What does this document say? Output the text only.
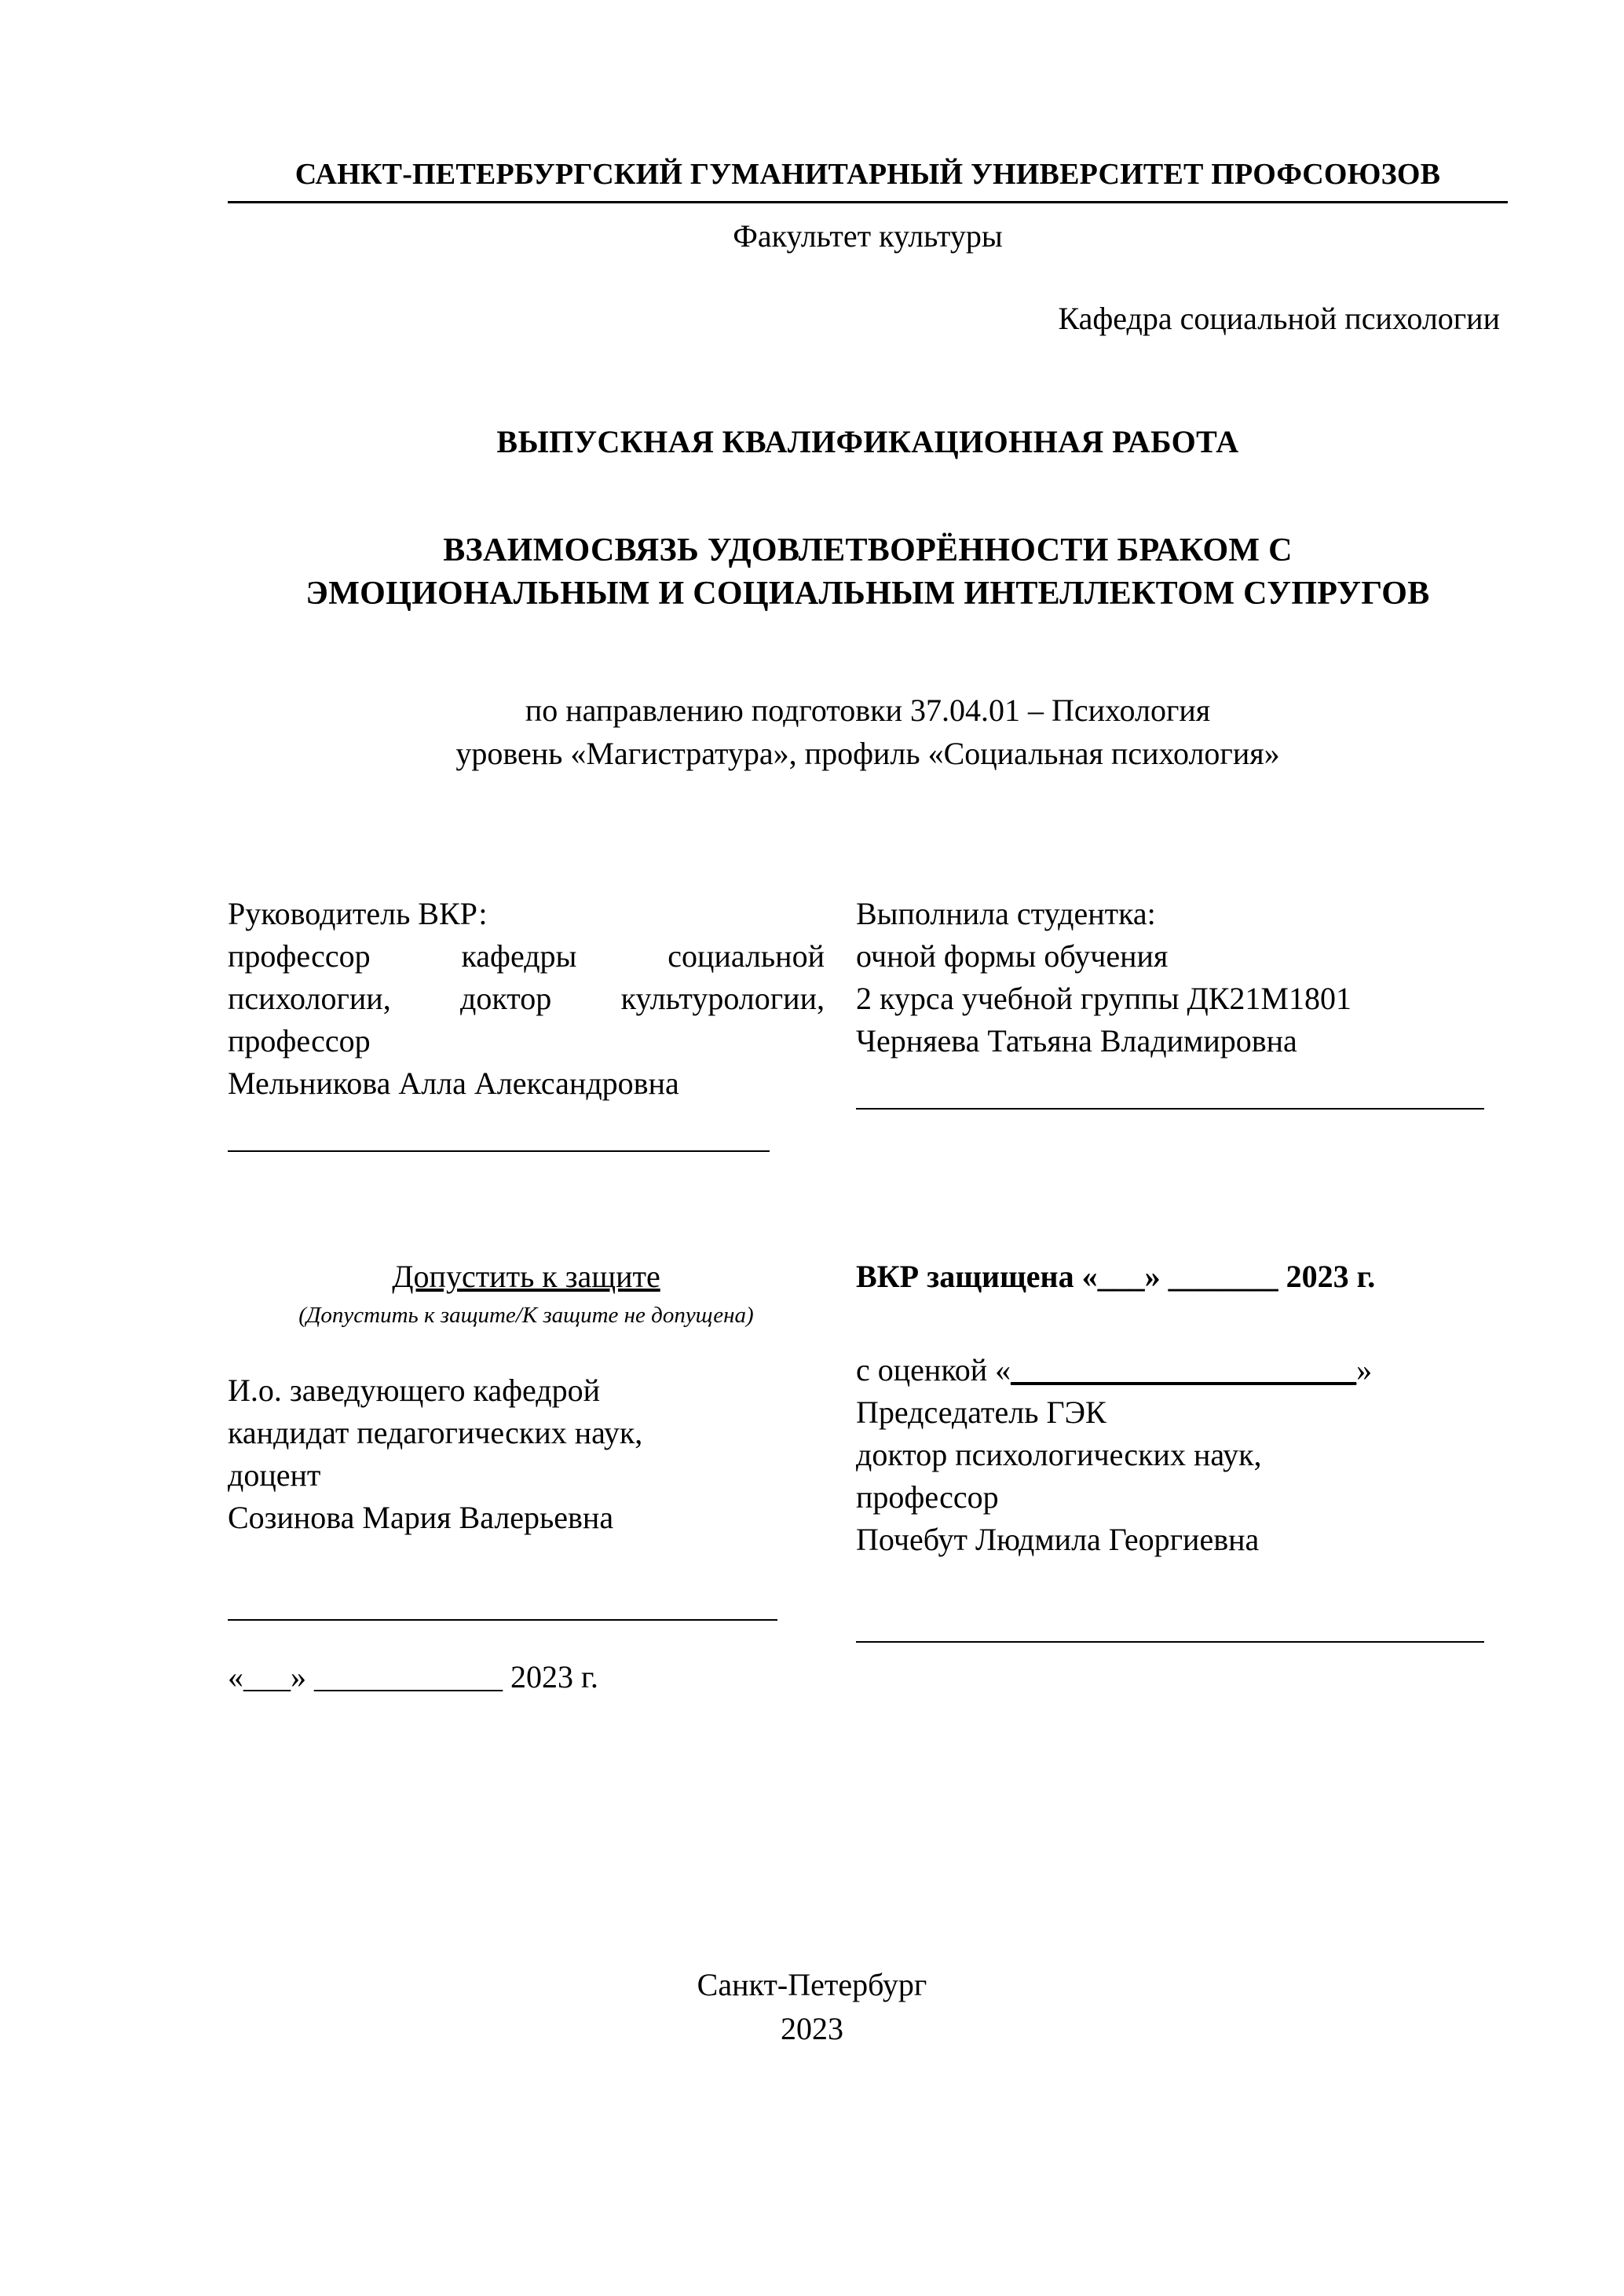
САНКТ-ПЕТЕРБУРГСКИЙ ГУМАНИТАРНЫЙ УНИВЕРСИТЕТ ПРОФСОЮЗОВ
Факультет культуры
Кафедра социальной психологии
ВЫПУСКНАЯ КВАЛИФИКАЦИОННАЯ РАБОТА
ВЗАИМОСВЯЗЬ УДОВЛЕТВОРЁННОСТИ БРАКОМ С ЭМОЦИОНАЛЬНЫМ И СОЦИАЛЬНЫМ ИНТЕЛЛЕКТОМ СУПРУГОВ
по направлению подготовки 37.04.01 – Психология
уровень «Магистратура», профиль «Социальная психология»
Руководитель ВКР:
профессор кафедры социальной
психологии, доктор культурологии,
профессор
Мельникова Алла Александровна
Выполнила студентка:
очной формы обучения
2 курса учебной группы ДК21М1801
Черняева Татьяна Владимировна
Допустить к защите
(Допустить к защите/К защите не допущена)
И.о. заведующего кафедрой
кандидат педагогических наук,
доцент
Созинова Мария Валерьевна
«___» ____________ 2023 г.
ВКР защищена «___» _______ 2023 г.
с оценкой «______________________»
Председатель ГЭК
доктор психологических наук,
профессор
Почебут Людмила Георгиевна
Санкт-Петербург
2023
